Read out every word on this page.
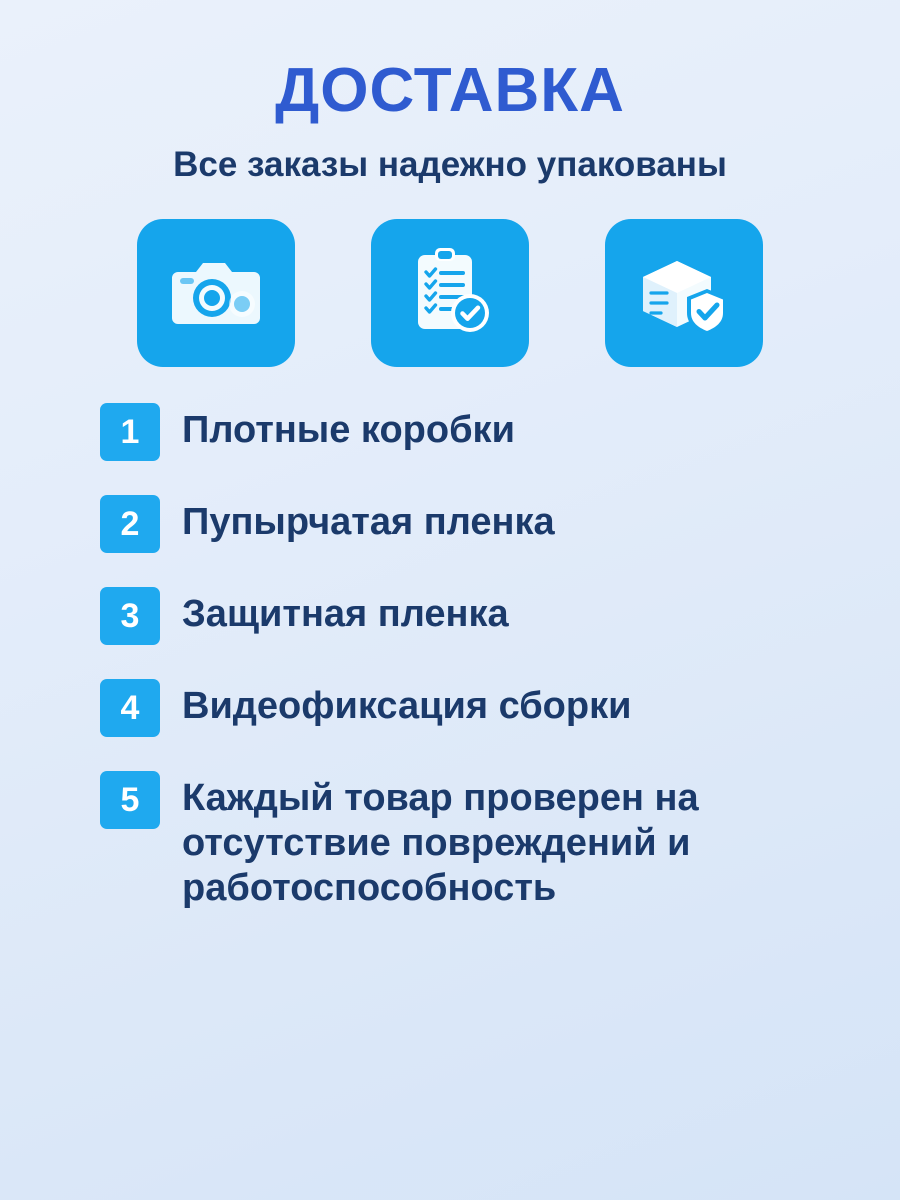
ДОСТАВКА
Все заказы надежно упакованы
1	Плотные коробки
2	Пупырчатая пленка
3	Защитная пленка
4	Видеофиксация сборки
5	Каждый товар проверен на отсутствие повреждений и работоспособность
